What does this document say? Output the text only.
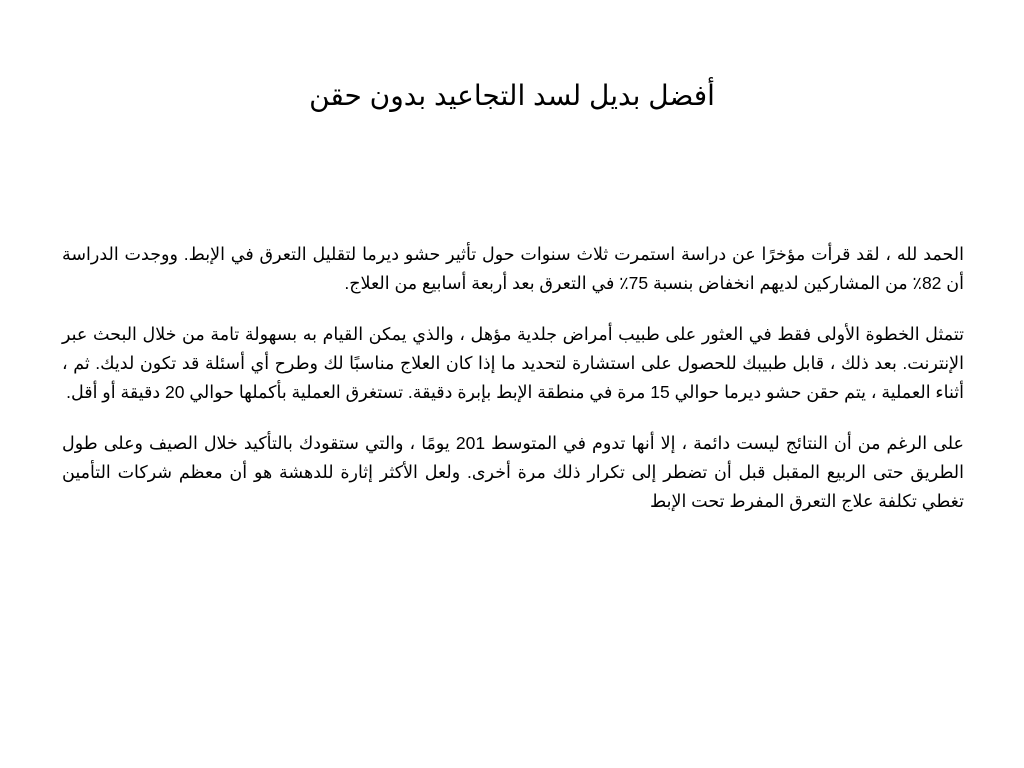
أفضل بديل لسد التجاعيد بدون حقن

الحمد لله ، لقد قرأت مؤخرًا عن دراسة استمرت ثلاث سنوات حول تأثير حشو ديرما لتقليل التعرق في الإبط. ووجدت الدراسة أن 82٪ من المشاركين لديهم انخفاض بنسبة 75٪ في التعرق بعد أربعة أسابيع من العلاج.

تتمثل الخطوة الأولى فقط في العثور على طبيب أمراض جلدية مؤهل ، والذي يمكن القيام به بسهولة تامة من خلال البحث عبر الإنترنت. بعد ذلك ، قابل طبيبك للحصول على استشارة لتحديد ما إذا كان العلاج مناسبًا لك وطرح أي أسئلة قد تكون لديك. ثم ، أثناء العملية ، يتم حقن حشو ديرما حوالي 15 مرة في منطقة الإبط بإبرة دقيقة. تستغرق العملية بأكملها حوالي 20 دقيقة أو أقل.

على الرغم من أن النتائج ليست دائمة ، إلا أنها تدوم في المتوسط 201 يومًا ، والتي ستقودك بالتأكيد خلال الصيف وعلى طول الطريق حتى الربيع المقبل قبل أن تضطر إلى تكرار ذلك مرة أخرى. ولعل الأكثر إثارة للدهشة هو أن معظم شركات التأمين تغطي تكلفة علاج التعرق المفرط تحت الإبط
